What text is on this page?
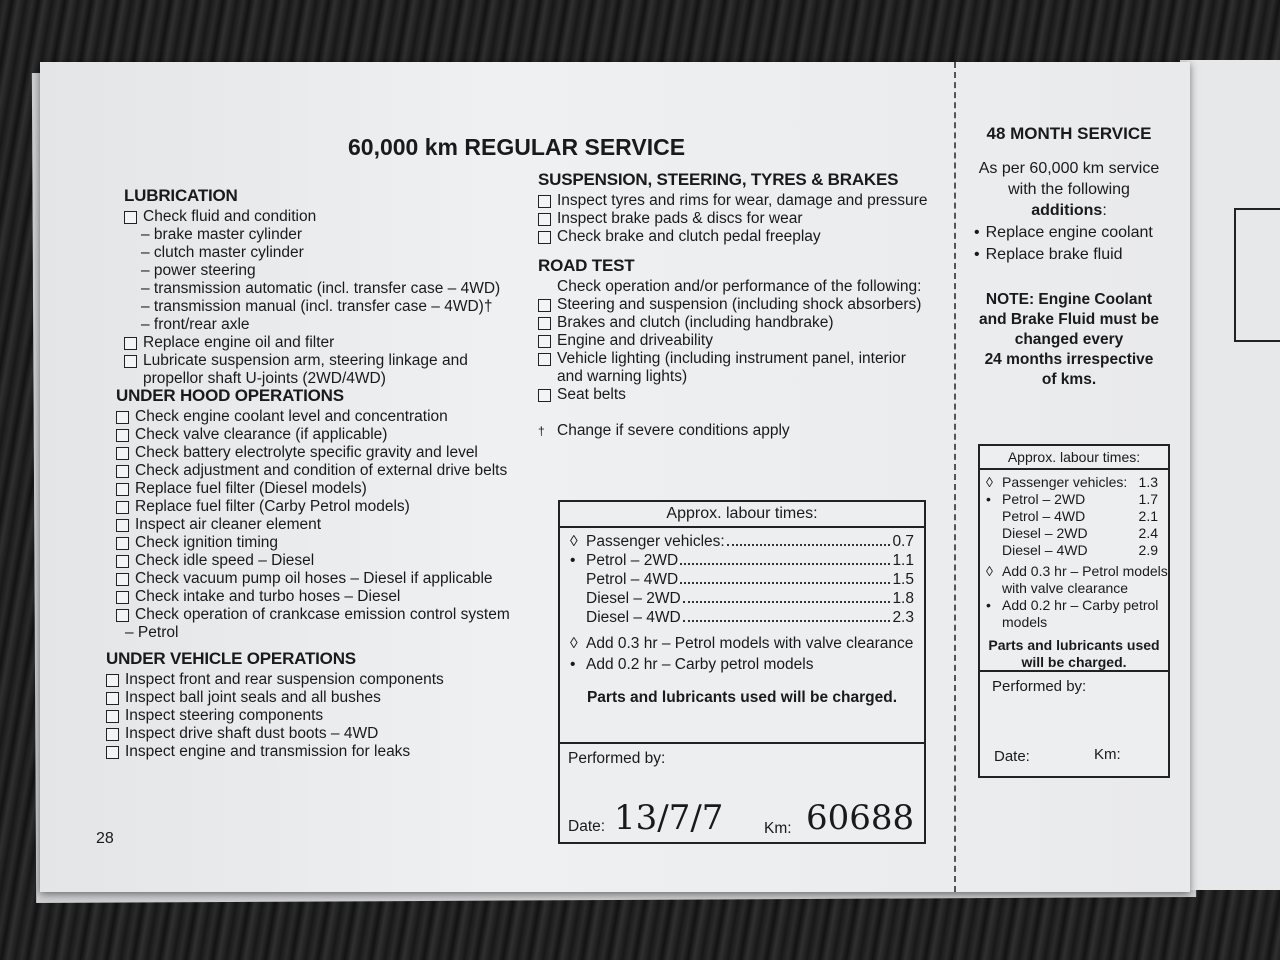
60,000 km REGULAR SERVICE
LUBRICATION
Check fluid and condition
– brake master cylinder
– clutch master cylinder
– power steering
– transmission automatic (incl. transfer case – 4WD)
– transmission manual (incl. transfer case – 4WD)†
– front/rear axle
Replace engine oil and filter
Lubricate suspension arm, steering linkage and
propellor shaft U-joints (2WD/4WD)
UNDER HOOD OPERATIONS
Check engine coolant level and concentration
Check valve clearance (if applicable)
Check battery electrolyte specific gravity and level
Check adjustment and condition of external drive belts
Replace fuel filter (Diesel models)
Replace fuel filter (Carby Petrol models)
Inspect air cleaner element
Check ignition timing
Check idle speed – Diesel
Check vacuum pump oil hoses – Diesel if applicable
Check intake and turbo hoses – Diesel
Check operation of crankcase emission control system
– Petrol
UNDER VEHICLE OPERATIONS
Inspect front and rear suspension components
Inspect ball joint seals and all bushes
Inspect steering components
Inspect drive shaft dust boots – 4WD
Inspect engine and transmission for leaks
SUSPENSION, STEERING, TYRES & BRAKES
Inspect tyres and rims for wear, damage and pressure
Inspect brake pads & discs for wear
Check brake and clutch pedal freeplay
ROAD TEST
Check operation and/or performance of the following:
Steering and suspension (including shock absorbers)
Brakes and clutch (including handbrake)
Engine and driveability
Vehicle lighting (including instrument panel, interior
and warning lights)
Seat belts
† Change if severe conditions apply
Approx. labour times:
◊ Passenger vehicles:	0.7
• Petrol – 2WD	1.1
Petrol – 4WD	1.5
Diesel – 2WD	1.8
Diesel – 4WD	2.3
◊ Add 0.3 hr – Petrol models with valve clearance
• Add 0.2 hr – Carby petrol models
Parts and lubricants used will be charged.
Performed by:
Date: 13/7/7	Km: 60688
48 MONTH SERVICE
As per 60,000 km service
with the following
additions:
• Replace engine coolant
• Replace brake fluid
NOTE: Engine Coolant
and Brake Fluid must be
changed every
24 months irrespective
of kms.
Approx. labour times:
◊ Passenger vehicles: 1.3
• Petrol – 2WD	1.7
Petrol – 4WD	2.1
Diesel – 2WD	2.4
Diesel – 4WD	2.9
◊ Add 0.3 hr – Petrol models
with valve clearance
• Add 0.2 hr – Carby petrol
models
Parts and lubricants used
will be charged.
Performed by:
Date:	Km:
28
